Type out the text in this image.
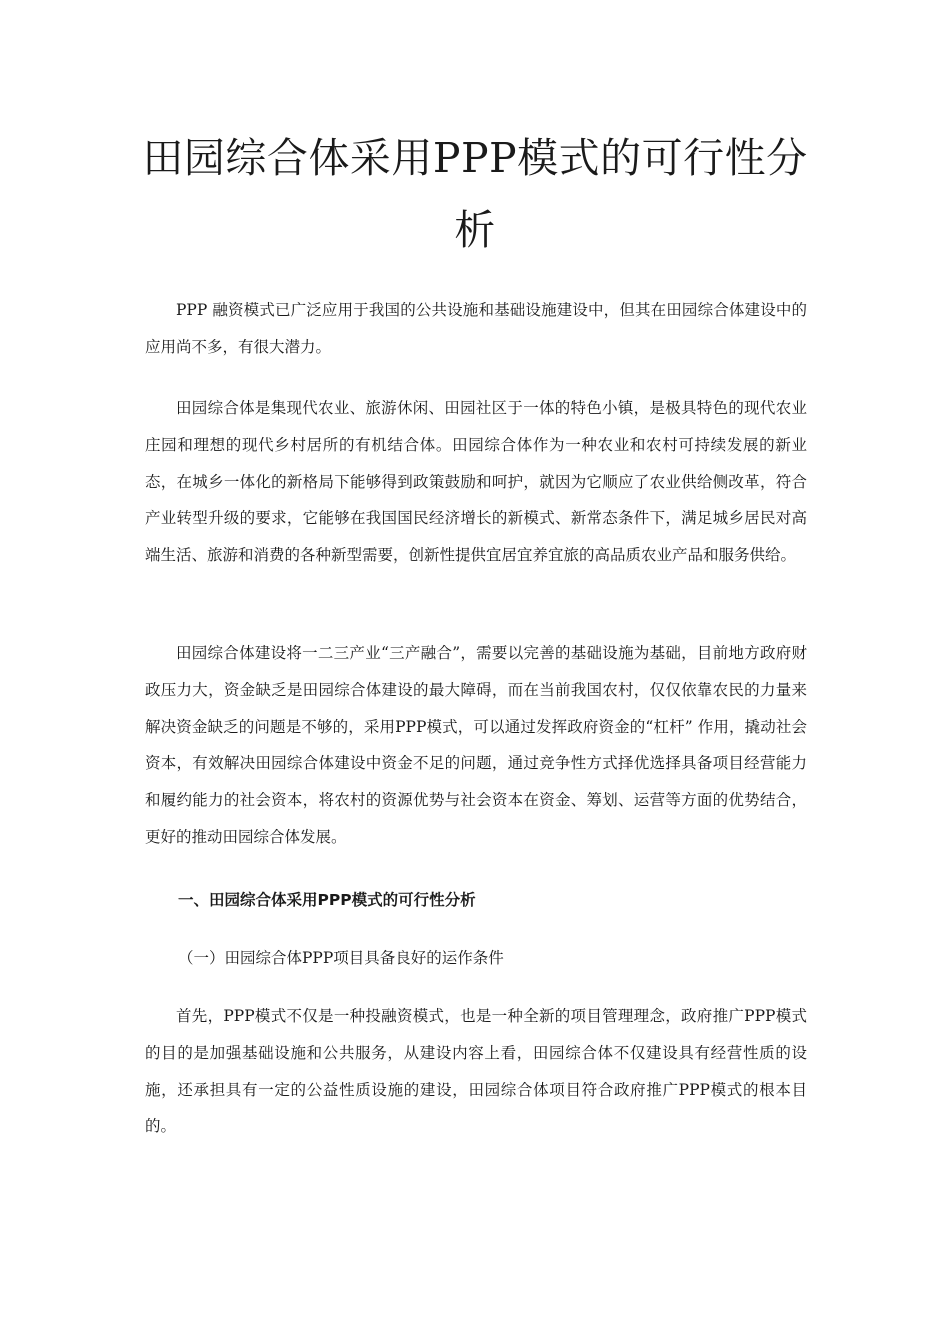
田园综合体采用PPP模式的可行性分析

PPP 融资模式已广泛应用于我国的公共设施和基础设施建设中，但其在田园综合体建设中的应用尚不多，有很大潜力。

田园综合体是集现代农业、旅游休闲、田园社区于一体的特色小镇，是极具特色的现代农业庄园和理想的现代乡村居所的有机结合体。田园综合体作为一种农业和农村可持续发展的新业态，在城乡一体化的新格局下能够得到政策鼓励和呵护，就因为它顺应了农业供给侧改革，符合产业转型升级的要求，它能够在我国国民经济增长的新模式、新常态条件下，满足城乡居民对高端生活、旅游和消费的各种新型需要，创新性提供宜居宜养宜旅的高品质农业产品和服务供给。

田园综合体建设将一二三产业“三产融合”，需要以完善的基础设施为基础，目前地方政府财政压力大，资金缺乏是田园综合体建设的最大障碍，而在当前我国农村，仅仅依靠农民的力量来解决资金缺乏的问题是不够的，采用PPP模式，可以通过发挥政府资金的“杠杆” 作用，撬动社会资本，有效解决田园综合体建设中资金不足的问题，通过竞争性方式择优选择具备项目经营能力和履约能力的社会资本，将农村的资源优势与社会资本在资金、筹划、运营等方面的优势结合，更好的推动田园综合体发展。

一、田园综合体采用PPP模式的可行性分析
（一）田园综合体PPP项目具备良好的运作条件

首先，PPP模式不仅是一种投融资模式，也是一种全新的项目管理理念，政府推广PPP模式的目的是加强基础设施和公共服务，从建设内容上看，田园综合体不仅建设具有经营性质的设施，还承担具有一定的公益性质设施的建设，田园综合体项目符合政府推广PPP模式的根本目的。
